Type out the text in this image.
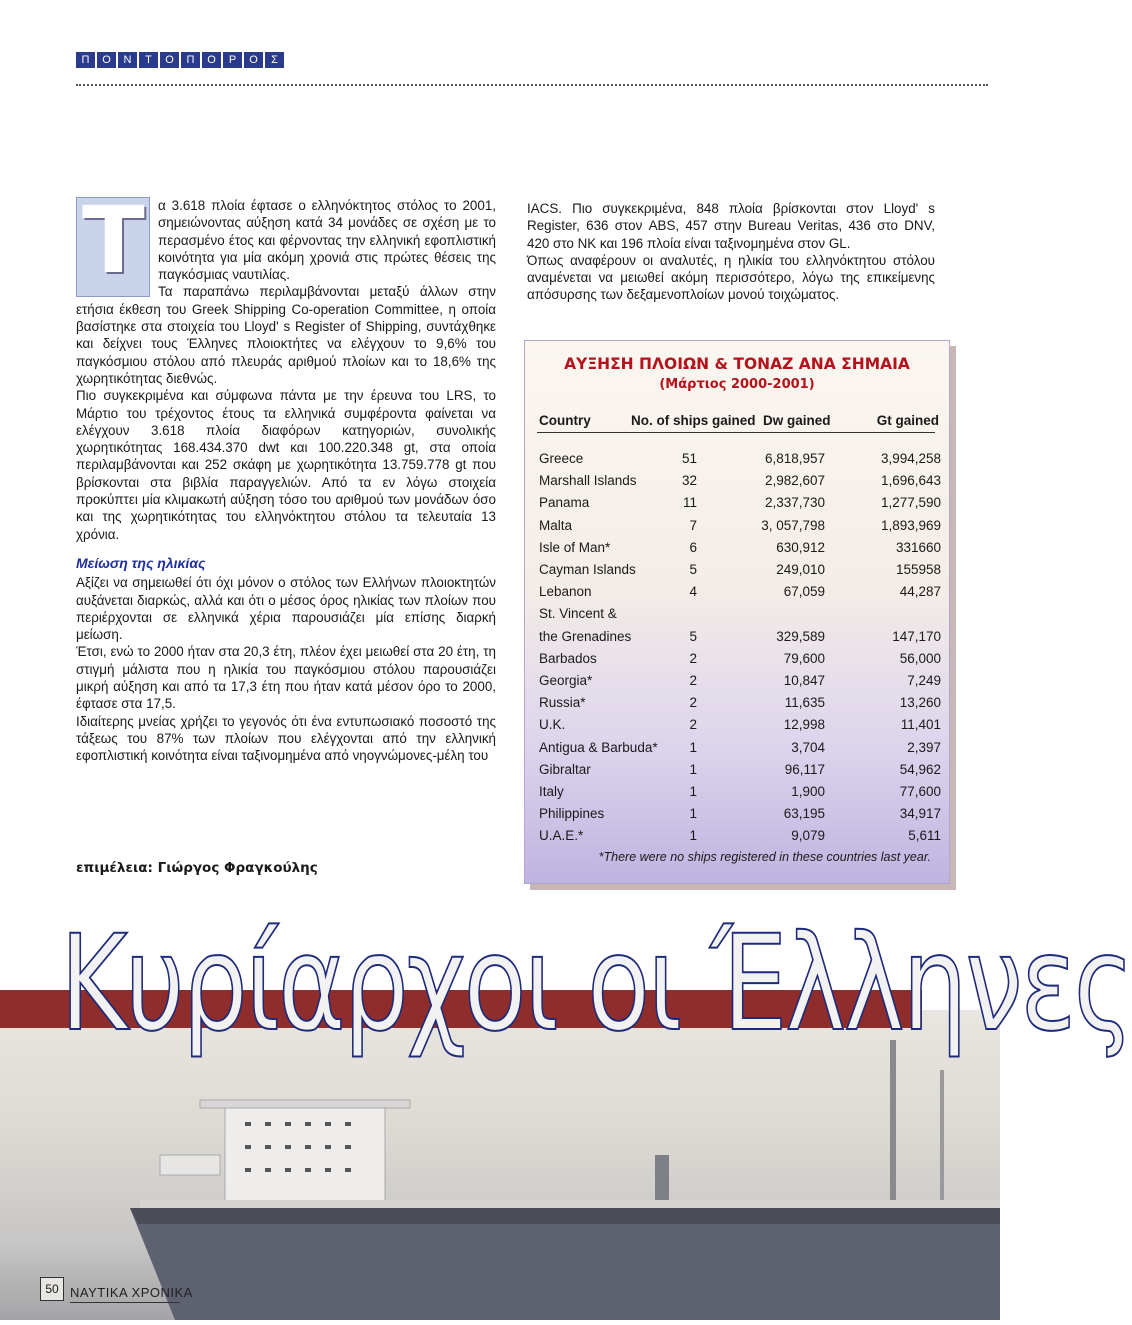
Π	Ο	Ν	Τ	Ο	Π	Ο	Ρ	Ο	Σ
T α 3.618 πλοία έφτασε ο ελληνόκτητος στόλος το 2001, σημειώνοντας αύξηση κατά 34 μονάδες σε σχέση με το περασμένο έτος και φέρνοντας την ελληνική εφοπλιστική κοινότητα για μία ακόμη χρονιά στις πρώτες θέσεις της παγκόσμιας ναυτιλίας.

Τα παραπάνω περιλαμβάνονται μεταξύ άλλων στην ετήσια έκθεση του Greek Shipping Co-operation Committee, η οποία βασίστηκε στα στοιχεία του Lloyd' s Register of Shipping, συντάχθηκε και δείχνει τους Έλληνες πλοιοκτήτες να ελέγχουν το 9,6% του παγκόσμιου στόλου από πλευράς αριθμού πλοίων και το 18,6% της χωρητικότητας διεθνώς.

Πιο συγκεκριμένα και σύμφωνα πάντα με την έρευνα του LRS, το Μάρτιο του τρέχοντος έτους τα ελληνικά συμφέροντα φαίνεται να ελέγχουν 3.618 πλοία διαφόρων κατηγοριών, συνολικής χωρητικότητας 168.434.370 dwt και 100.220.348 gt, στα οποία περιλαμβάνονται και 252 σκάφη με χωρητικότητα 13.759.778 gt που βρίσκονται στα βιβλία παραγγελιών. Από τα εν λόγω στοιχεία προκύπτει μία κλιμακωτή αύξηση τόσο του αριθμού των μονάδων όσο και της χωρητικότητας του ελληνόκτητου στόλου τα τελευταία 13 χρόνια.

Μείωση της ηλικίας

Αξίζει να σημειωθεί ότι όχι μόνον ο στόλος των Ελλήνων πλοιοκτητών αυξάνεται διαρκώς, αλλά και ότι ο μέσος όρος ηλικίας των πλοίων που περιέρχονται σε ελληνικά χέρια παρουσιάζει μία επίσης διαρκή μείωση.

Έτσι, ενώ το 2000 ήταν στα 20,3 έτη, πλέον έχει μειωθεί στα 20 έτη, τη στιγμή μάλιστα που η ηλικία του παγκόσμιου στόλου παρουσιάζει μικρή αύξηση και από τα 17,3 έτη που ήταν κατά μέσον όρο το 2000, έφτασε στα 17,5.

Ιδιαίτερης μνείας χρήζει το γεγονός ότι ένα εντυπωσιακό ποσοστό της τάξεως του 87% των πλοίων που ελέγχονται από την ελληνική εφοπλιστική κοινότητα είναι ταξινομημένα από νηογνώμονες-μέλη του

IACS. Πιο συγκεκριμένα, 848 πλοία βρίσκονται στον Lloyd' s Register, 636 στον ABS, 457 στην Bureau Veritas, 436 στο DNV, 420 στο NK και 196 πλοία είναι ταξινομημένα στον GL.

Όπως αναφέρουν οι αναλυτές, η ηλικία του ελληνόκτητου στόλου αναμένεται να μειωθεί ακόμη περισσότερο, λόγω της επικείμενης απόσυρσης των δεξαμενοπλοίων μονού τοιχώματος.

ΑΥΞΗΣΗ ΠΛΟΙΩΝ & ΤΟΝΑΖ ΑΝΑ ΣΗΜΑΙΑ
(Μάρτιος 2000-2001)
Country	No. of ships gained Dw gained	Gt gained
Greece	51	6,818,957	3,994,258
Marshall Islands	32	2,982,607	1,696,643
Panama	11	2,337,730	1,277,590
Malta	7	3, 057,798	1,893,969
Isle of Man*	6	630,912	331660
Cayman Islands	5	249,010	155958
Lebanon	4	67,059	44,287
St. Vincent &
the Grenadines	5	329,589	147,170
Barbados	2	79,600	56,000
Georgia*	2	10,847	7,249
Russia*	2	11,635	13,260
U.K.	2	12,998	11,401
Antigua & Barbuda*	1	3,704	2,397
Gibraltar	1	96,117	54,962
Italy	1	1,900	77,600
Philippines	1	63,195	34,917
U.A.E.*	1	9,079	5,611
*There were no ships registered in these countries last year.
επιμέλεια: Γιώργος Φραγκούλης
Κυρίαρχοι οι Έλληνες
50 ΝΑΥΤΙΚΑ ΧΡΟΝΙΚΑ
